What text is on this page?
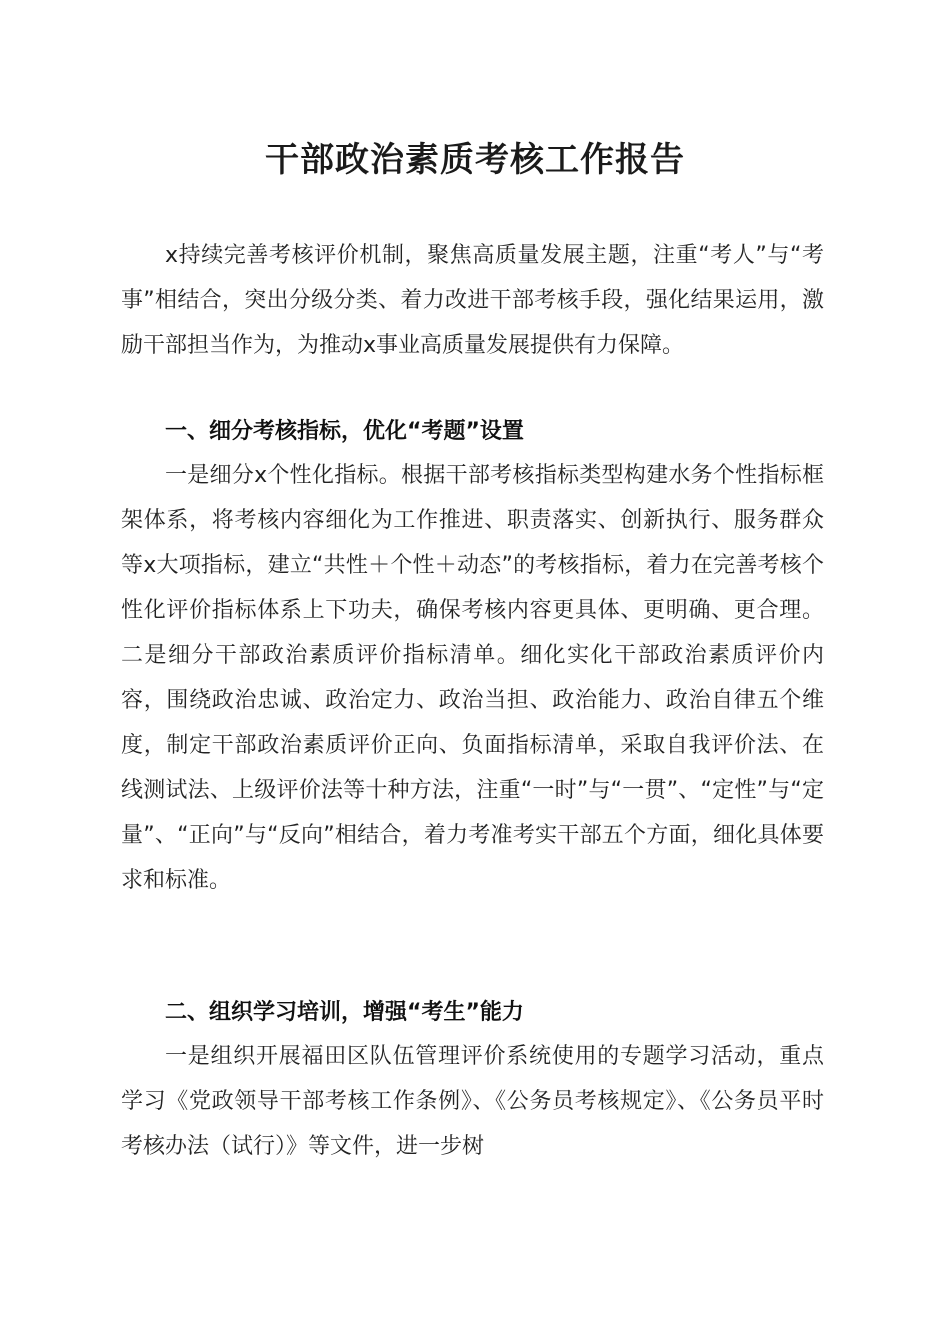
干部政治素质考核工作报告

x持续完善考核评价机制，聚焦高质量发展主题，注重“考人”与“考事”相结合，突出分级分类、着力改进干部考核手段，强化结果运用，激励干部担当作为，为推动x事业高质量发展提供有力保障。

一、细分考核指标，优化“考题”设置

一是细分x个性化指标。根据干部考核指标类型构建水务个性指标框架体系，将考核内容细化为工作推进、职责落实、创新执行、服务群众等x大项指标，建立“共性＋个性＋动态”的考核指标，着力在完善考核个性化评价指标体系上下功夫，确保考核内容更具体、更明确、更合理。二是细分干部政治素质评价指标清单。细化实化干部政治素质评价内容，围绕政治忠诚、政治定力、政治当担、政治能力、政治自律五个维度，制定干部政治素质评价正向、负面指标清单，采取自我评价法、在线测试法、上级评价法等十种方法，注重“一时”与“一贯”、“定性”与“定量”、“正向”与“反向”相结合，着力考准考实干部五个方面，细化具体要求和标准。

二、组织学习培训，增强“考生”能力

一是组织开展福田区队伍管理评价系统使用的专题学习活动，重点学习《党政领导干部考核工作条例》、《公务员考核规定》、《公务员平时考核办法（试行）》等文件，进一步树
